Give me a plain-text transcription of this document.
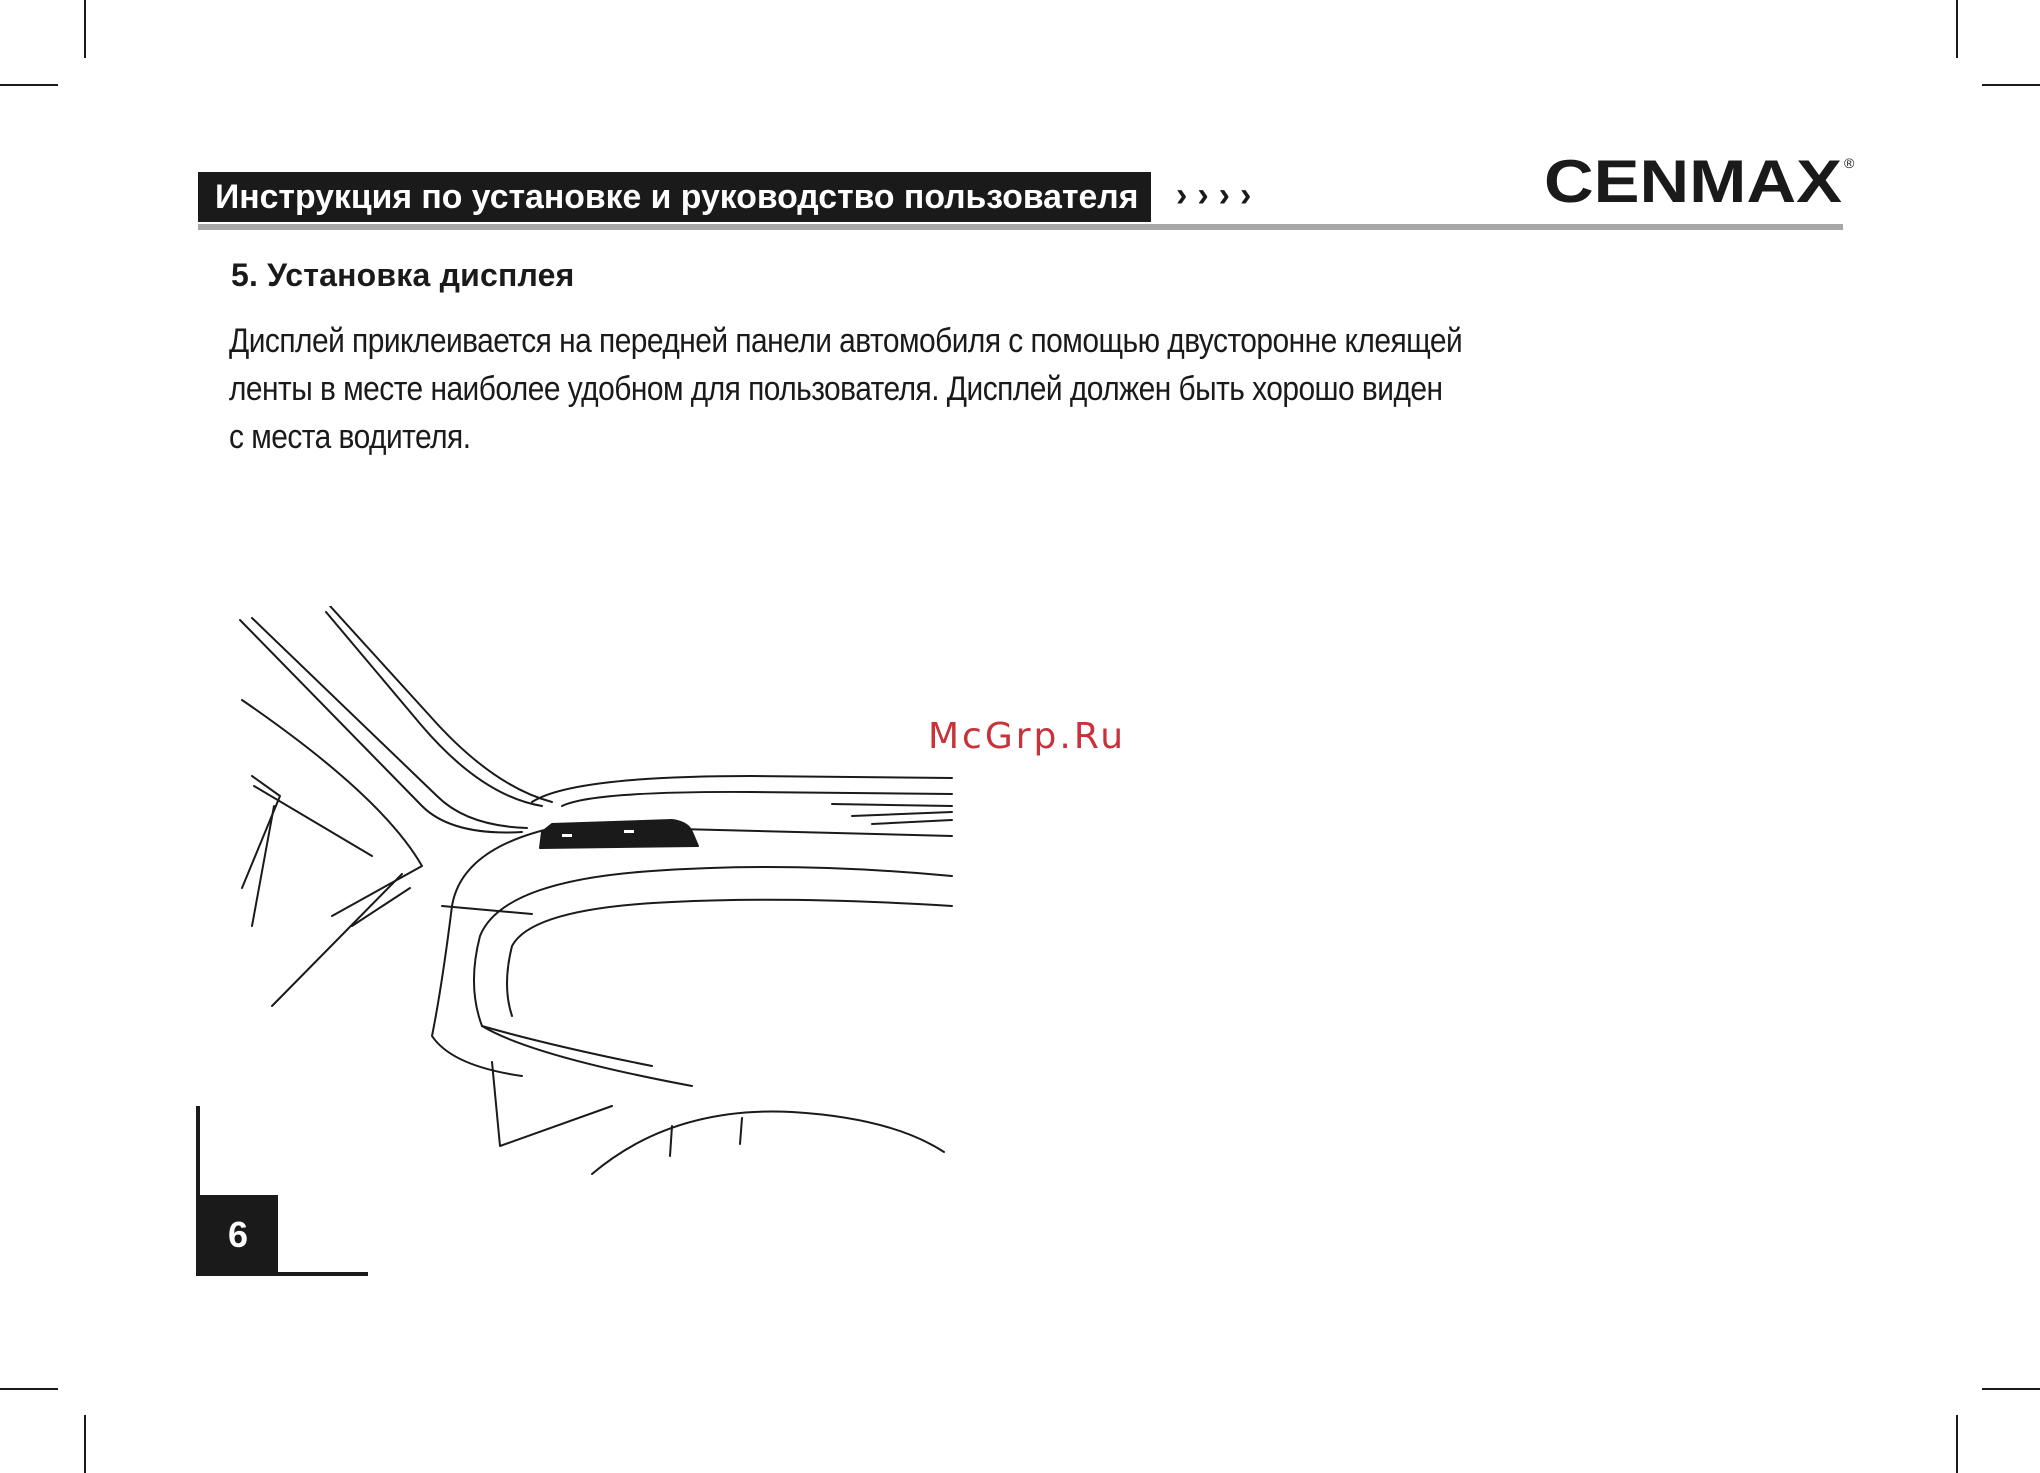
Инструкция по установке и руководство пользователя	››››	CENMAX ®
5. Установка дисплея

Дисплей приклеивается на передней панели автомобиля с помощью двусторонне клеящей

ленты в месте наиболее удобном для пользователя. Дисплей должен быть хорошо виден

с места водителя.

McGrp.Ru
6
